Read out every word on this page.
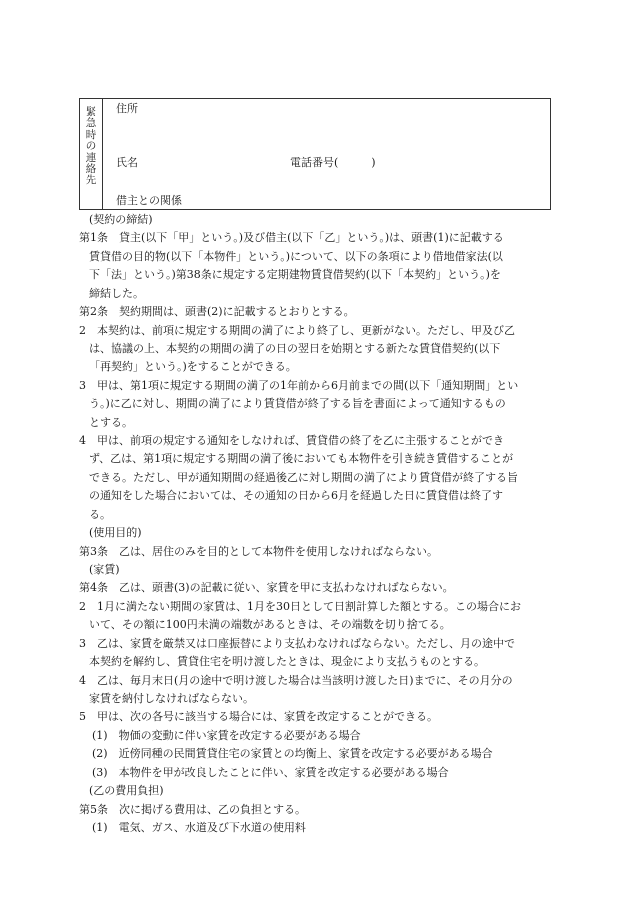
緊
急
時
の
連
絡
先
住所
氏名	電話番号(　　　)
借主との関係
(契約の締結)
第1条　貸主(以下「甲」という。)及び借主(以下「乙」という。)は、頭書(1)に記載する
賃貸借の目的物(以下「本物件」という。)について、以下の条項により借地借家法(以
下「法」という。)第38条に規定する定期建物賃貸借契約(以下「本契約」という。)を
締結した。
第2条　契約期間は、頭書(2)に記載するとおりとする。
2　本契約は、前項に規定する期間の満了により終了し、更新がない。ただし、甲及び乙
は、協議の上、本契約の期間の満了の日の翌日を始期とする新たな賃貸借契約(以下
「再契約」という。)をすることができる。
3　甲は、第1項に規定する期間の満了の1年前から6月前までの間(以下「通知期間」とい
う。)に乙に対し、期間の満了により賃貸借が終了する旨を書面によって通知するもの
とする。
4　甲は、前項の規定する通知をしなければ、賃貸借の終了を乙に主張することができ
ず、乙は、第1項に規定する期間の満了後においても本物件を引き続き賃借することが
できる。ただし、甲が通知期間の経過後乙に対し期間の満了により賃貸借が終了する旨
の通知をした場合においては、その通知の日から6月を経過した日に賃貸借は終了す
る。
(使用目的)
第3条　乙は、居住のみを目的として本物件を使用しなければならない。
(家賃)
第4条　乙は、頭書(3)の記載に従い、家賃を甲に支払わなければならない。
2　1月に満たない期間の家賃は、1月を30日として日割計算した額とする。この場合にお
いて、その額に100円未満の端数があるときは、その端数を切り捨てる。
3　乙は、家賃を厳禁又は口座振替により支払わなければならない。ただし、月の途中で
本契約を解約し、賃貸住宅を明け渡したときは、現金により支払うものとする。
4　乙は、毎月末日(月の途中で明け渡した場合は当該明け渡した日)までに、その月分の
家賃を納付しなければならない。
5　甲は、次の各号に該当する場合には、家賃を改定することができる。
(1)　物価の変動に伴い家賃を改定する必要がある場合
(2)　近傍同種の民間賃貸住宅の家賃との均衡上、家賃を改定する必要がある場合
(3)　本物件を甲が改良したことに伴い、家賃を改定する必要がある場合
(乙の費用負担)
第5条　次に掲げる費用は、乙の負担とする。
(1)　電気、ガス、水道及び下水道の使用料
